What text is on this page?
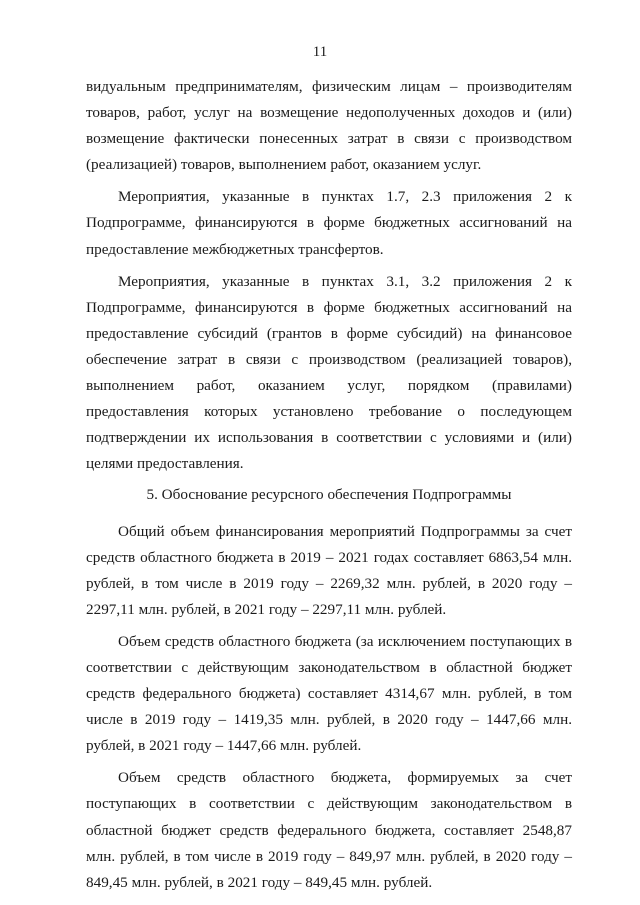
11

видуальным предпринимателям, физическим лицам – производителям товаров, работ, услуг на возмещение недополученных доходов и (или) возмещение фактически понесенных затрат в связи с производством (реализацией) товаров, выполнением работ, оказанием услуг.

Мероприятия, указанные в пунктах 1.7, 2.3 приложения 2 к Подпрограмме, финансируются в форме бюджетных ассигнований на предоставление межбюджетных трансфертов.

Мероприятия, указанные в пунктах 3.1, 3.2 приложения 2 к Подпрограмме, финансируются в форме бюджетных ассигнований на предоставление субсидий (грантов в форме субсидий) на финансовое обеспечение затрат в связи с производством (реализацией товаров), выполнением работ, оказанием услуг, порядком (правилами) предоставления которых установлено требование о последующем подтверждении их использования в соответствии с условиями и (или) целями предоставления.

5. Обоснование ресурсного обеспечения Подпрограммы

Общий объем финансирования мероприятий Подпрограммы за счет средств областного бюджета в 2019 – 2021 годах составляет 6863,54 млн. рублей, в том числе в 2019 году – 2269,32 млн. рублей, в 2020 году – 2297,11 млн. рублей, в 2021 году – 2297,11 млн. рублей.

Объем средств областного бюджета (за исключением поступающих в соответствии с действующим законодательством в областной бюджет средств федерального бюджета) составляет 4314,67 млн. рублей, в том числе в 2019 году – 1419,35 млн. рублей, в 2020 году – 1447,66 млн. рублей, в 2021 году – 1447,66 млн. рублей.

Объем средств областного бюджета, формируемых за счет поступающих в соответствии с действующим законодательством в областной бюджет средств федерального бюджета, составляет 2548,87 млн. рублей, в том числе в 2019 году – 849,97 млн. рублей, в 2020 году – 849,45 млн. рублей, в 2021 году – 849,45 млн. рублей.
